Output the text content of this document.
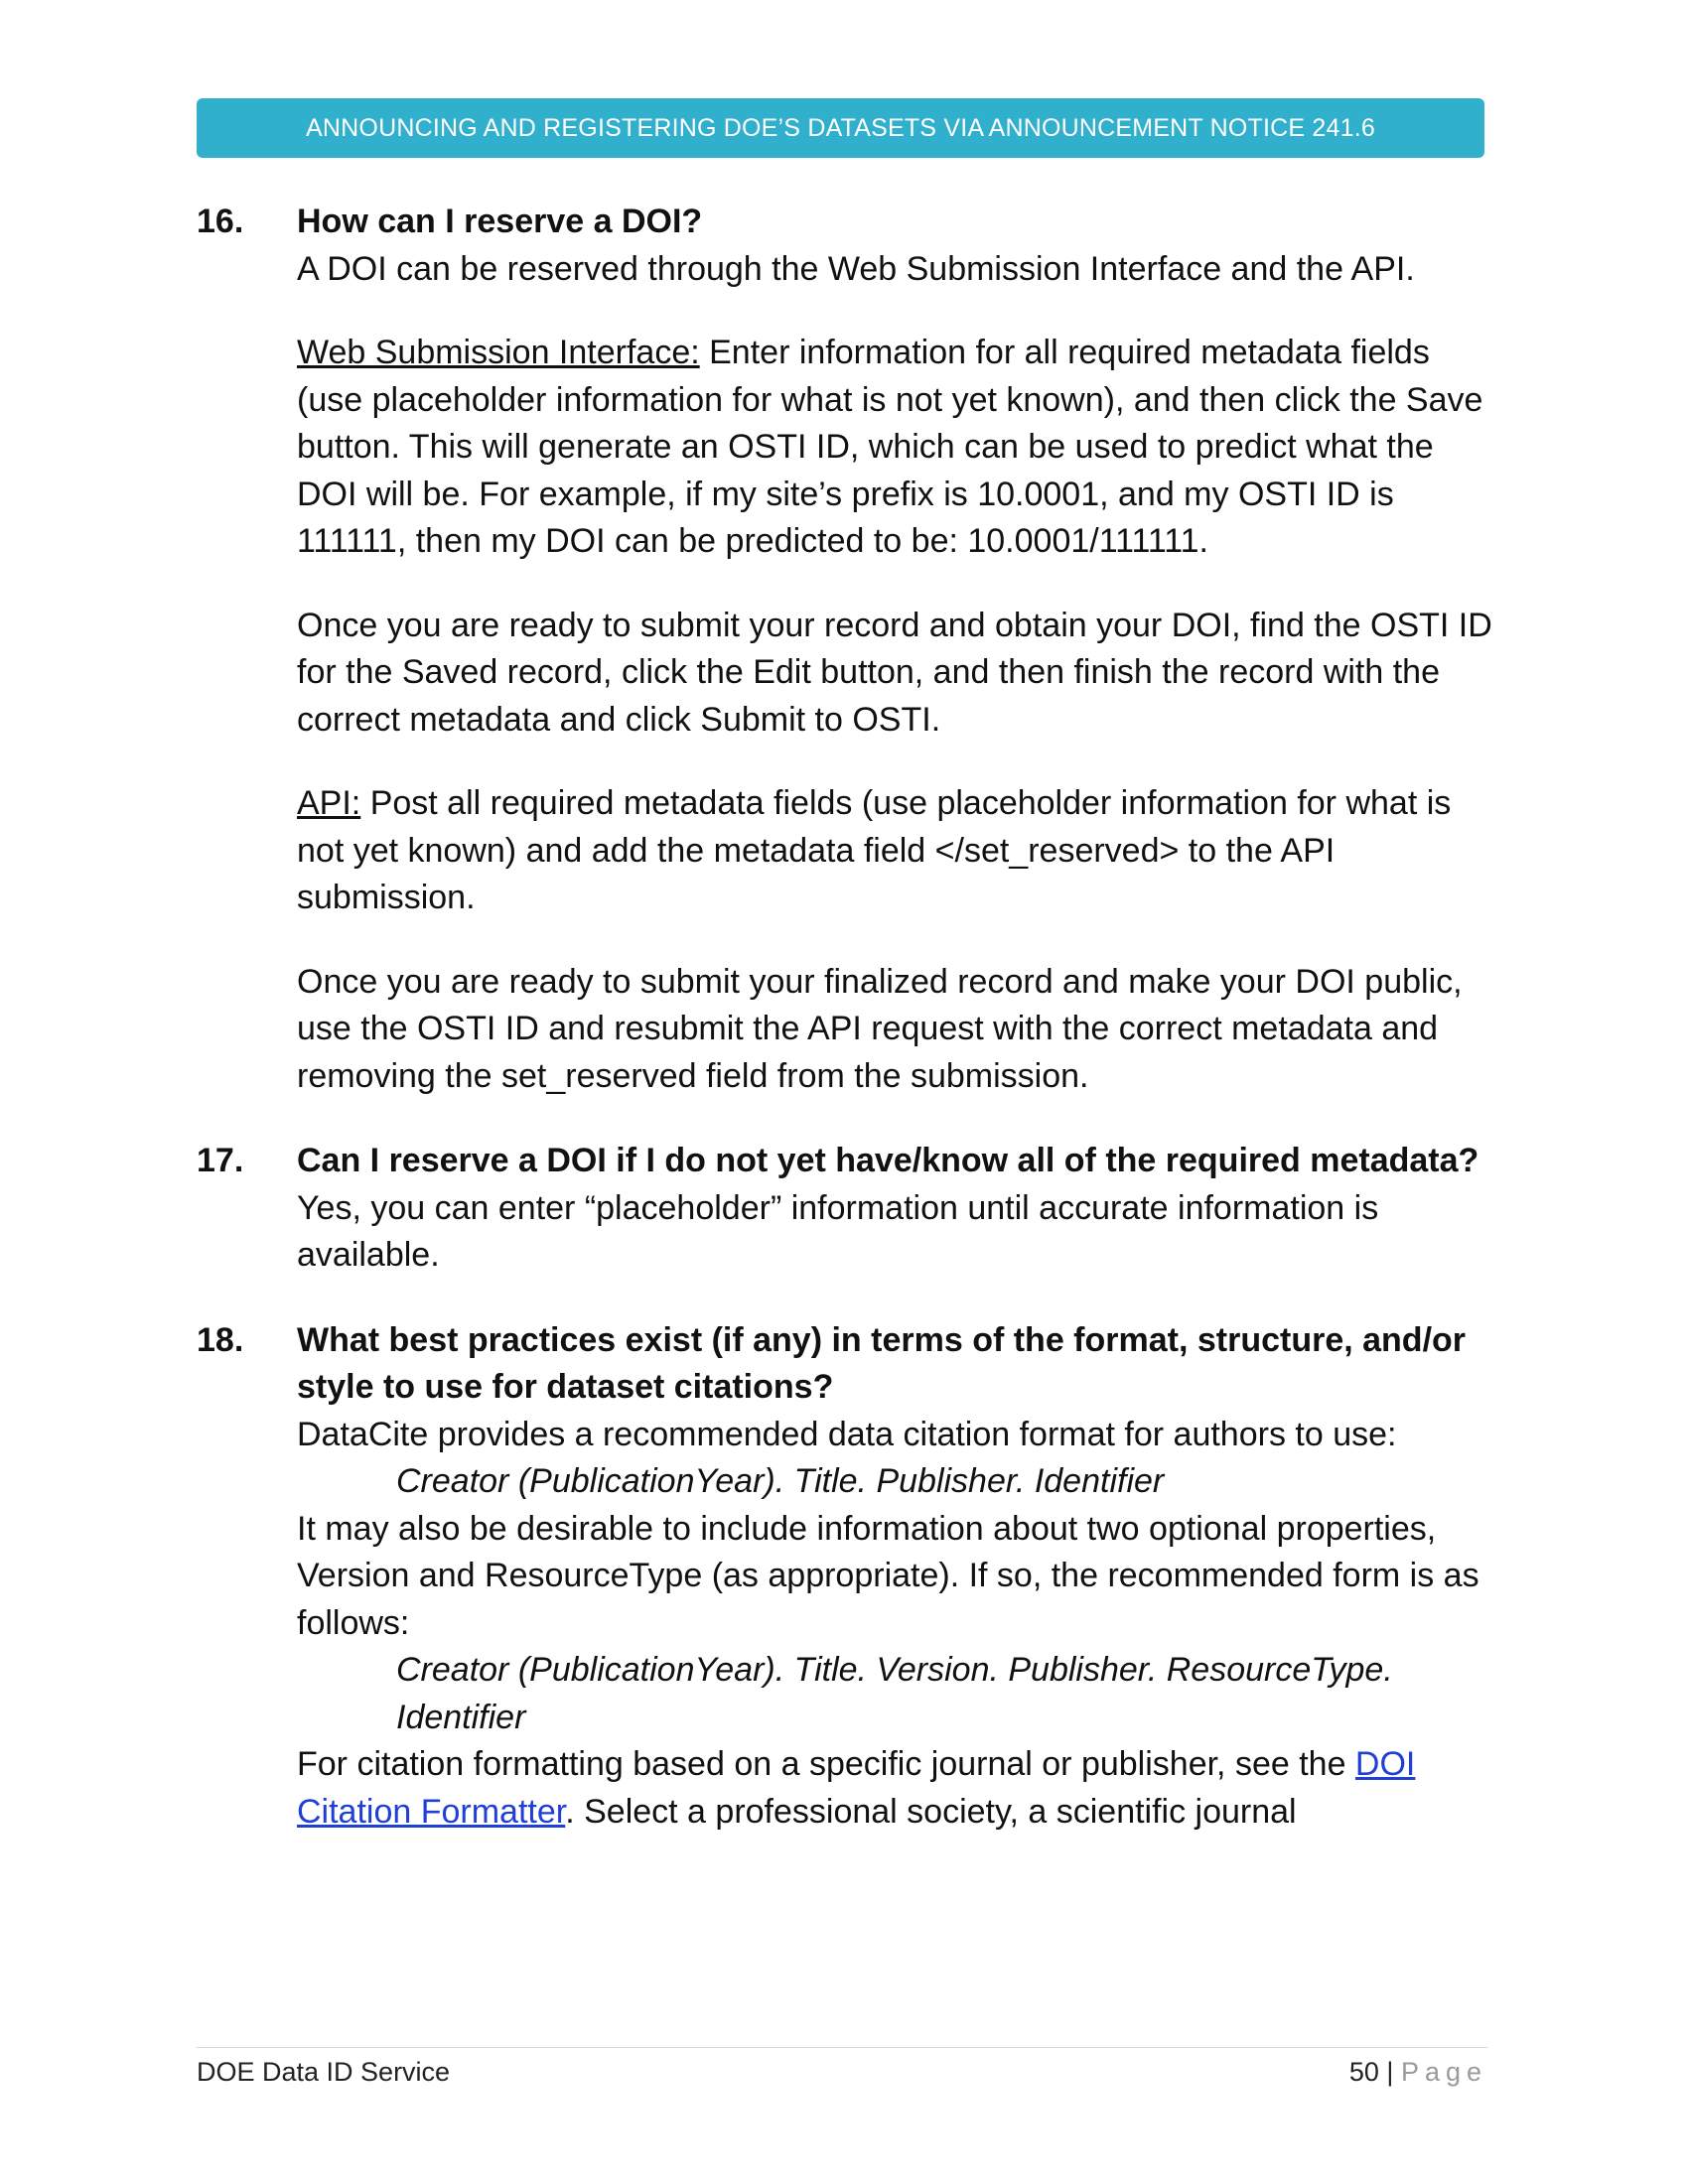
ANNOUNCING AND REGISTERING DOE’S DATASETS VIA ANNOUNCEMENT NOTICE 241.6
16.	How can I reserve a DOI?

A DOI can be reserved through the Web Submission Interface and the API.

Web Submission Interface: Enter information for all required metadata fields (use placeholder information for what is not yet known), and then click the Save button. This will generate an OSTI ID, which can be used to predict what the DOI will be. For example, if my site’s prefix is 10.0001, and my OSTI ID is 111111, then my DOI can be predicted to be: 10.0001/111111.

Once you are ready to submit your record and obtain your DOI, find the OSTI ID for the Saved record, click the Edit button, and then finish the record with the correct metadata and click Submit to OSTI.

API: Post all required metadata fields (use placeholder information for what is not yet known) and add the metadata field </set_reserved> to the API submission.

Once you are ready to submit your finalized record and make your DOI public, use the OSTI ID and resubmit the API request with the correct metadata and removing the set_reserved field from the submission.

17.	Can I reserve a DOI if I do not yet have/know all of the required metadata?

Yes, you can enter “placeholder” information until accurate information is available.

18.	What best practices exist (if any) in terms of the format, structure, and/or style to use for dataset citations?
DataCite provides a recommended data citation format for authors to use:
Creator (PublicationYear). Title. Publisher. Identifier
It may also be desirable to include information about two optional properties, Version and ResourceType (as appropriate). If so, the recommended form is as follows:
Creator (PublicationYear). Title. Version. Publisher. ResourceType. Identifier
For citation formatting based on a specific journal or publisher, see the DOI Citation Formatter. Select a professional society, a scientific journal
DOE Data ID Service	50 | Page
